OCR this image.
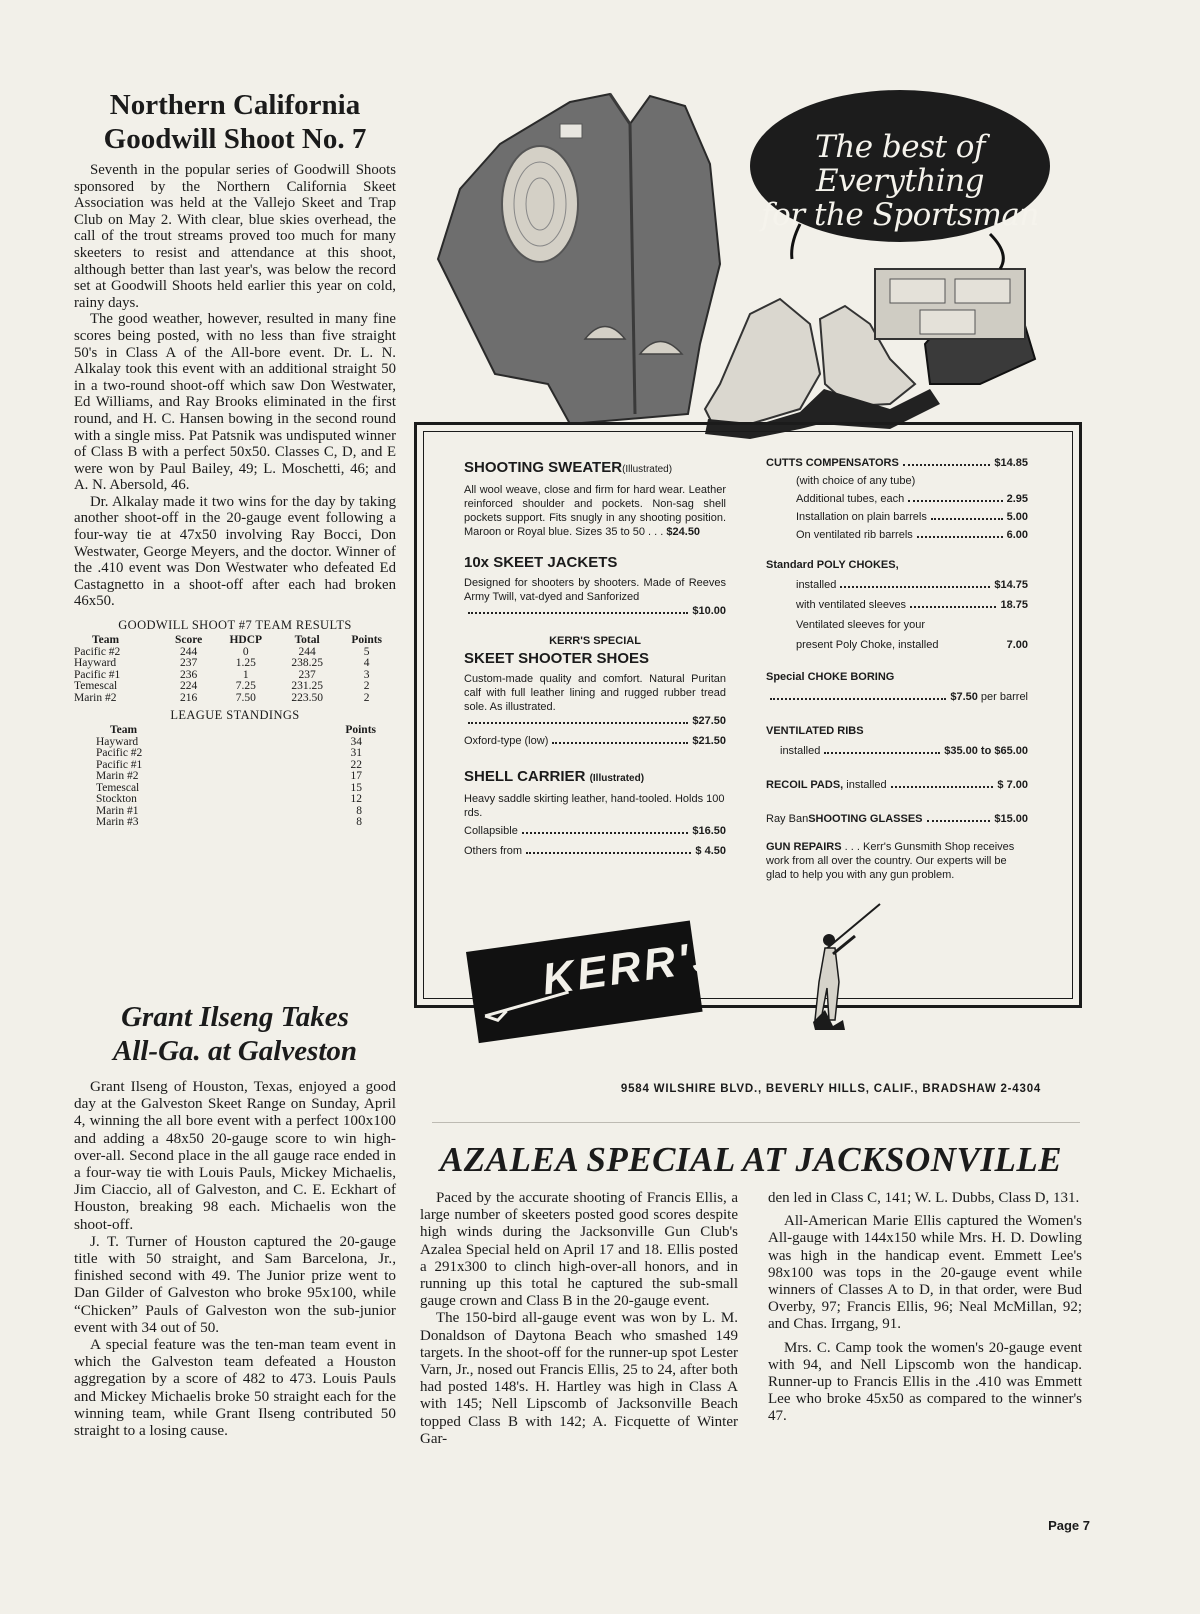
Northern California
Goodwill Shoot No. 7

Seventh in the popular series of Goodwill Shoots sponsored by the Northern California Skeet Association was held at the Vallejo Skeet and Trap Club on May 2. With clear, blue skies overhead, the call of the trout streams proved too much for many skeeters to resist and attendance at this shoot, although better than last year's, was below the record set at Goodwill Shoots held earlier this year on cold, rainy days.

The good weather, however, resulted in many fine scores being posted, with no less than five straight 50's in Class A of the All-bore event. Dr. L. N. Alkalay took this event with an additional straight 50 in a two-round shoot-off which saw Don Westwater, Ed Williams, and Ray Brooks eliminated in the first round, and H. C. Hansen bowing in the second round with a single miss. Pat Patsnik was undisputed winner of Class B with a perfect 50x50. Classes C, D, and E were won by Paul Bailey, 49; L. Moschetti, 46; and A. N. Abersold, 46.

Dr. Alkalay made it two wins for the day by taking another shoot-off in the 20-gauge event following a four-way tie at 47x50 involving Ray Bocci, Don Westwater, George Meyers, and the doctor. Winner of the .410 event was Don Westwater who defeated Ed Castagnetto in a shoot-off after each had broken 46x50.

GOODWILL SHOOT #7 TEAM RESULTS
Team	Score	HDCP	Total	Points
Pacific #2	244	0	244	5
Hayward	237	1.25	238.25	4
Pacific #1	236	1	237	3
Temescal	224	7.25	231.25	2
Marin #2	216	7.50	223.50	2
LEAGUE STANDINGS
Team	Points
Hayward	34
Pacific #2	31
Pacific #1	22
Marin #2	17
Temescal	15
Stockton	12
Marin #1	8
Marin #3	8
Grant Ilseng Takes
All-Ga. at Galveston

Grant Ilseng of Houston, Texas, enjoyed a good day at the Galveston Skeet Range on Sunday, April 4, winning the all bore event with a perfect 100x100 and adding a 48x50 20-gauge score to win high-over-all. Second place in the all gauge race ended in a four-way tie with Louis Pauls, Mickey Michaelis, Jim Ciaccio, all of Galveston, and C. E. Eckhart of Houston, breaking 98 each. Michaelis won the shoot-off.

J. T. Turner of Houston captured the 20-gauge title with 50 straight, and Sam Barcelona, Jr., finished second with 49. The Junior prize went to Dan Gilder of Galveston who broke 95x100, while “Chicken” Pauls of Galveston won the sub-junior event with 34 out of 50.

A special feature was the ten-man team event in which the Galveston team defeated a Houston aggregation by a score of 482 to 473. Louis Pauls and Mickey Michaelis broke 50 straight each for the winning team, while Grant Ilseng contributed 50 straight to a losing cause.

The best of Everything
for the Sportsman
SHOOTING SWEATER(Illustrated)
All wool weave, close and firm for hard wear. Leather reinforced shoulder and pockets. Non-sag shell pockets support. Fits snugly in any shooting position. Maroon or Royal blue. Sizes 35 to 50 . . . $24.50
10x SKEET JACKETS
Designed for shooters by shooters. Made of Reeves Army Twill, vat-dyed and Sanforized
$10.00
KERR'S SPECIAL
SKEET SHOOTER SHOES
Custom-made quality and comfort. Natural Puritan calf with full leather lining and rugged rubber tread sole. As illustrated.
$27.50
Oxford-type (low)	$21.50
SHELL CARRIER (Illustrated)
Heavy saddle skirting leather, hand-tooled. Holds 100 rds.
Collapsible	$16.50
Others from	$ 4.50
CUTTS COMPENSATORS	$14.85
(with choice of any tube)
Additional tubes, each	2.95
Installation on plain barrels	5.00
On ventilated rib barrels	6.00
Standard POLY CHOKES,
installed	$14.75
with ventilated sleeves	18.75
Ventilated sleeves for your
present Poly Choke, installed	7.00
Special CHOKE BORING
$7.50
per barrel
VENTILATED RIBS
installed	$35.00 to $65.00
RECOIL PADS,
installed	$ 7.00
Ray Ban SHOOTING GLASSES	$15.00
GUN REPAIRS . . . Kerr's Gunsmith Shop receives work from all over the country. Our experts will be glad to help you with any gun problem.
KERR'S
9584 WILSHIRE BLVD., BEVERLY HILLS, CALIF., BRADSHAW 2-4304
AZALEA SPECIAL AT JACKSONVILLE

Paced by the accurate shooting of Francis Ellis, a large number of skeeters posted good scores despite high winds during the Jacksonville Gun Club's Azalea Special held on April 17 and 18. Ellis posted a 291x300 to clinch high-over-all honors, and in running up this total he captured the sub-small gauge crown and Class B in the 20-gauge event.

The 150-bird all-gauge event was won by L. M. Donaldson of Daytona Beach who smashed 149 targets. In the shoot-off for the runner-up spot Lester Varn, Jr., nosed out Francis Ellis, 25 to 24, after both had posted 148's. H. Hartley was high in Class A with 145; Nell Lipscomb of Jacksonville Beach topped Class B with 142; A. Ficquette of Winter Gar-

den led in Class C, 141; W. L. Dubbs, Class D, 131.

All-American Marie Ellis captured the Women's All-gauge with 144x150 while Mrs. H. D. Dowling was high in the handicap event. Emmett Lee's 98x100 was tops in the 20-gauge event while winners of Classes A to D, in that order, were Bud Overby, 97; Francis Ellis, 96; Neal McMillan, 92; and Chas. Irrgang, 91.

Mrs. C. Camp took the women's 20-gauge event with 94, and Nell Lipscomb won the handicap. Runner-up to Francis Ellis in the .410 was Emmett Lee who broke 45x50 as compared to the winner's 47.

Page 7
